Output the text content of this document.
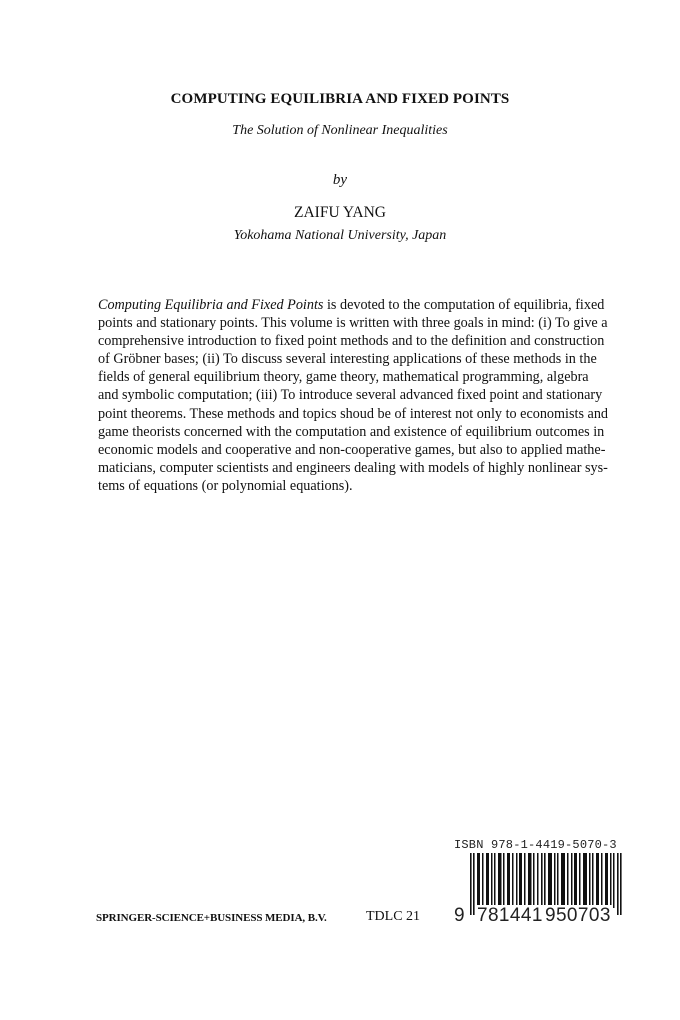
COMPUTING EQUILIBRIA AND FIXED POINTS
The Solution of Nonlinear Inequalities
by
ZAIFU YANG
Yokohama National University, Japan
Computing Equilibria and Fixed Points is devoted to the computation of equilibria, fixed
points and stationary points. This volume is written with three goals in mind: (i) To give a
comprehensive introduction to fixed point methods and to the definition and construction
of Gröbner bases; (ii) To discuss several interesting applications of these methods in the
fields of general equilibrium theory, game theory, mathematical programming, algebra
and symbolic computation; (iii) To introduce several advanced fixed point and stationary
point theorems. These methods and topics shoud be of interest not only to economists and
game theorists concerned with the computation and existence of equilibrium outcomes in
economic models and cooperative and non-cooperative games, but also to applied mathe-
maticians, computer scientists and engineers dealing with models of highly nonlinear sys-
tems of equations (or polynomial equations).
SPRINGER-SCIENCE+BUSINESS MEDIA, B.V.	TDLC 21
ISBN 978-1-4419-5070-3
9 781441 950703
